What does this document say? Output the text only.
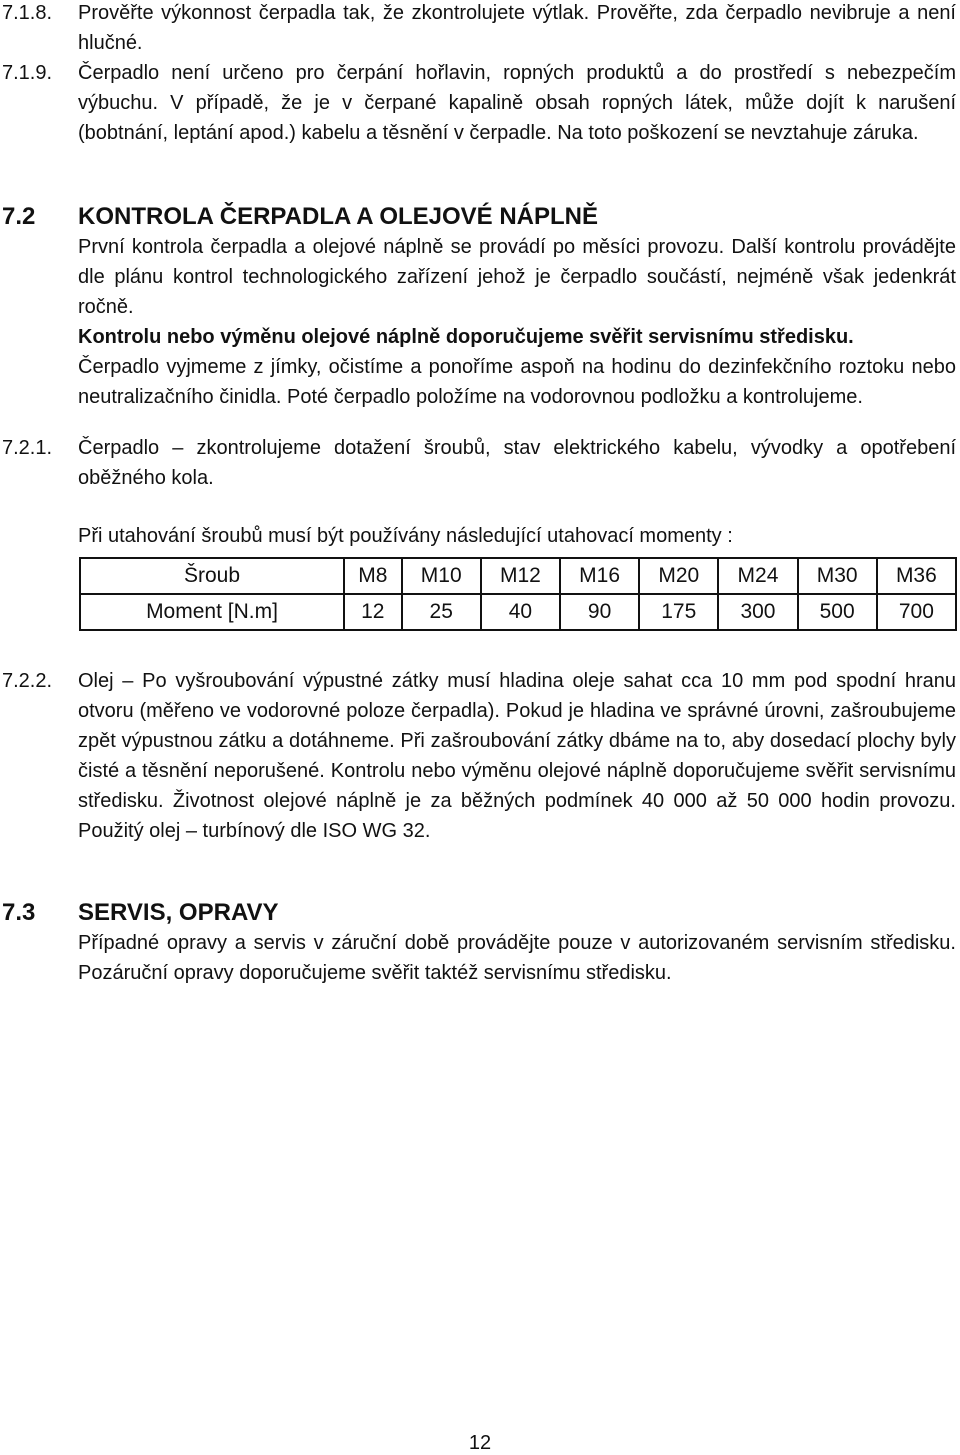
7.1.8. Prověřte výkonnost čerpadla tak, že zkontrolujete výtlak. Prověřte, zda čerpadlo nevibruje a není hlučné.
7.1.9. Čerpadlo není určeno pro čerpání hořlavin, ropných produktů a do prostředí s nebezpečím výbuchu. V případě, že je v čerpané kapalině obsah ropných látek, může dojít k narušení (bobtnání, leptání apod.) kabelu a těsnění v čerpadle. Na toto poškození se nevztahuje záruka.
7.2 KONTROLA ČERPADLA A OLEJOVÉ NÁPLNĚ
První kontrola čerpadla a olejové náplně se provádí po měsíci provozu. Další kontrolu provádějte dle plánu kontrol technologického zařízení jehož je čerpadlo součástí, nejméně však jedenkrát ročně.
Kontrolu nebo výměnu olejové náplně doporučujeme svěřit servisnímu středisku.
Čerpadlo vyjmeme z jímky, očistíme a ponoříme aspoň na hodinu do dezinfekčního roztoku nebo neutralizačního činidla. Poté čerpadlo položíme na vodorovnou podložku a kontrolujeme.
7.2.1. Čerpadlo – zkontrolujeme dotažení šroubů, stav elektrického kabelu, vývodky a opotřebení oběžného kola.
Při utahování šroubů musí být používány následující utahovací momenty :
Šroub	M8	M10	M12	M16	M20	M24	M30	M36
Moment [N.m]	12	25	40	90	175	300	500	700
7.2.2. Olej – Po vyšroubování výpustné zátky musí hladina oleje sahat cca 10 mm pod spodní hranu otvoru (měřeno ve vodorovné poloze čerpadla). Pokud je hladina ve správné úrovni, zašroubujeme zpět výpustnou zátku a dotáhneme. Při zašroubování zátky dbáme na to, aby dosedací plochy byly čisté a těsnění neporušené. Kontrolu nebo výměnu olejové náplně doporučujeme svěřit servisnímu středisku. Životnost olejové náplně je za běžných podmínek 40 000 až 50 000 hodin provozu. Použitý olej – turbínový dle ISO WG 32.
7.3 SERVIS, OPRAVY
Případné opravy a servis v záruční době provádějte pouze v autorizovaném servisním středisku. Pozáruční opravy doporučujeme svěřit taktéž servisnímu středisku.
12
